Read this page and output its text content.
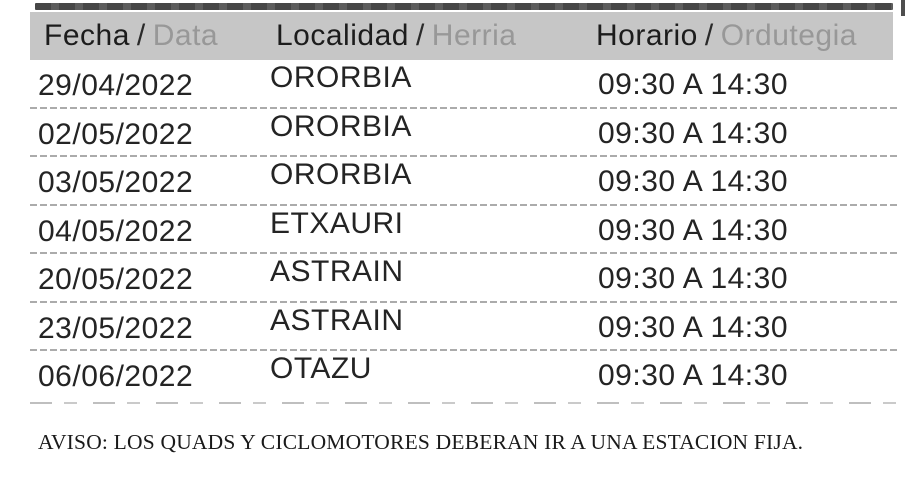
Fecha / Data	Localidad / Herria	Horario / Ordutegia
29/04/2022	ORORBIA	09:30 A 14:30
02/05/2022	ORORBIA	09:30 A 14:30
03/05/2022	ORORBIA	09:30 A 14:30
04/05/2022	ETXAURI	09:30 A 14:30
20/05/2022	ASTRAIN	09:30 A 14:30
23/05/2022	ASTRAIN	09:30 A 14:30
06/06/2022	OTAZU	09:30 A 14:30
AVISO: LOS QUADS Y CICLOMOTORES DEBERAN IR A UNA ESTACION FIJA.
